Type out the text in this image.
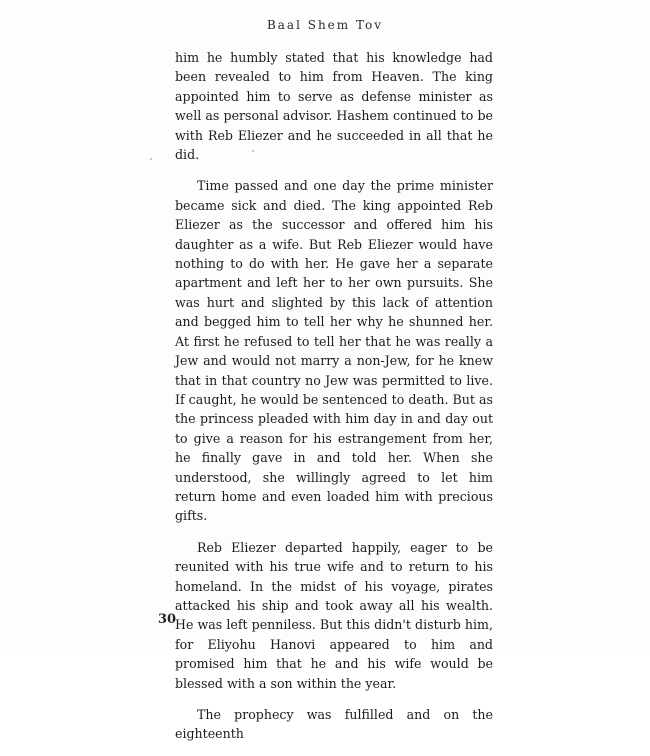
Baal Shem Tov

him he humbly stated that his knowledge had been revealed to him from Heaven. The king appointed him to serve as defense minister as well as personal advisor. Hashem continued to be with Reb Eliezer and he succeeded in all that he did.

Time passed and one day the prime minister became sick and died. The king appointed Reb Eliezer as the successor and offered him his daughter as a wife. But Reb Eliezer would have nothing to do with her. He gave her a separate apartment and left her to her own pursuits. She was hurt and slighted by this lack of attention and begged him to tell her why he shunned her. At first he refused to tell her that he was really a Jew and would not marry a non-Jew, for he knew that in that country no Jew was permitted to live. If caught, he would be sentenced to death. But as the princess pleaded with him day in and day out to give a reason for his estrangement from her, he finally gave in and told her. When she understood, she willingly agreed to let him return home and even loaded him with precious gifts.

Reb Eliezer departed happily, eager to be reunited with his true wife and to return to his homeland. In the midst of his voyage, pirates attacked his ship and took away all his wealth. He was left penniless. But this didn't disturb him, for Eliyohu Hanovi appeared to him and promised him that he and his wife would be blessed with a son within the year.

The prophecy was fulfilled and on the eighteenth

30
